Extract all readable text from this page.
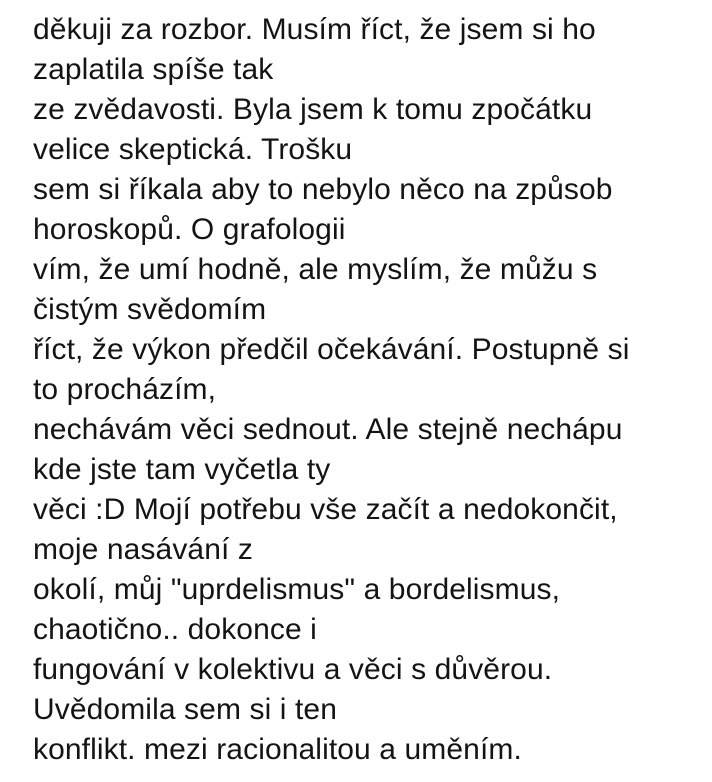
děkuji za rozbor. Musím říct, že jsem si ho
zaplatila spíše tak
ze zvědavosti. Byla jsem k tomu zpočátku
velice skeptická. Trošku
sem si říkala aby to nebylo něco na způsob
horoskopů. O grafologii
vím, že umí hodně, ale myslím, že můžu s
čistým svědomím
říct, že výkon předčil očekávání. Postupně si
to procházím,
nechávám věci sednout. Ale stejně nechápu
kde jste tam vyčetla ty
věci :D Mojí potřebu vše začít a nedokončit,
moje nasávání z
okolí, můj "uprdelismus" a bordelismus,
chaotično.. dokonce i
fungování v kolektivu a věci s důvěrou.
Uvědomila sem si i ten
konflikt. mezi racionalitou a uměním.
